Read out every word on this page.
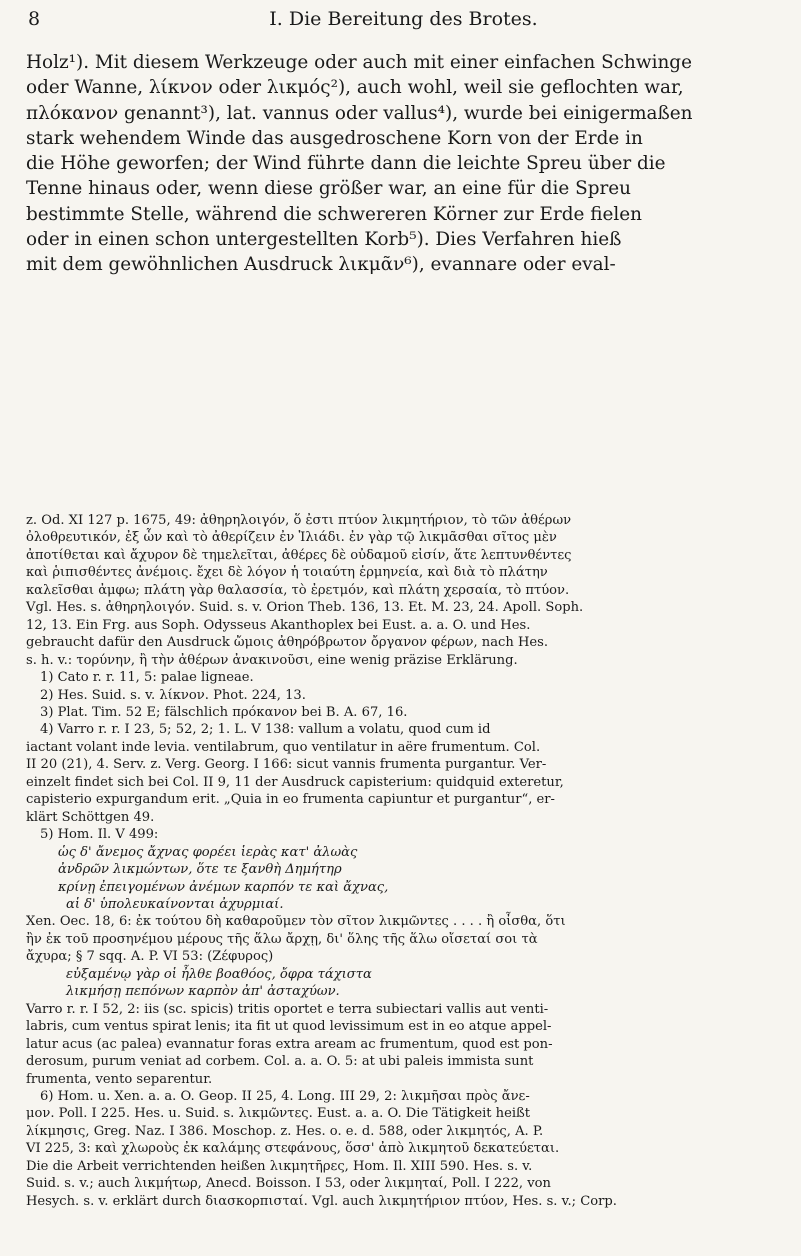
8	I. Die Bereitung des Brotes.

Holz¹). Mit diesem Werkzeuge oder auch mit einer einfachen Schwinge

oder Wanne, λίκνον oder λικμός²), auch wohl, weil sie geflochten war,

πλόκανον genannt³), lat. vannus oder vallus⁴), wurde bei einigermaßen

stark wehendem Winde das ausgedroschene Korn von der Erde in

die Höhe geworfen; der Wind führte dann die leichte Spreu über die

Tenne hinaus oder, wenn diese größer war, an eine für die Spreu

bestimmte Stelle, während die schwereren Körner zur Erde fielen

oder in einen schon untergestellten Korb⁵). Dies Verfahren hieß

mit dem gewöhnlichen Ausdruck λικμᾶν⁶), evannare oder eval-

z. Od. XI 127 p. 1675, 49: ἀθηρηλοιγόν, ὅ ἐστι πτύον λικμητήριον, τὸ τῶν ἀθέρων

ὀλοθρευτικόν, ἐξ ὧν καὶ τὸ ἀθερίζειν ἐν Ἰλιάδι. ἐν γὰρ τῷ λικμᾶσθαι σῖτος μὲν

ἀποτίθεται καὶ ἄχυρον δὲ τημελεῖται, ἀθέρες δὲ οὐδαμοῦ εἰσίν, ἅτε λεπτυνθέντες

καὶ ῥιπισθέντες ἀνέμοις. ἔχει δὲ λόγον ἡ τοιαύτη ἑρμηνεία, καὶ διὰ τὸ πλάτην

καλεῖσθαι ἀμφω; πλάτη γὰρ θαλασσία, τὸ ἐρετμόν, καὶ πλάτη χερσαία, τὸ πτύον.

Vgl. Hes. s. ἀθηρηλοιγόν. Suid. s. v. Orion Theb. 136, 13. Et. M. 23, 24. Apoll. Soph.

12, 13. Ein Frg. aus Soph. Odysseus Akanthoplex bei Eust. a. a. O. und Hes.

gebraucht dafür den Ausdruck ὤμοις ἀθηρόβρωτον ὄργανον φέρων, nach Hes.

s. h. v.: τορύνην, ἢ τὴν ἀθέρων ἀνακινοῦσι, eine wenig präzise Erklärung.

1) Cato r. r. 11, 5: palae ligneae.

2) Hes. Suid. s. v. λίκνον. Phot. 224, 13.

3) Plat. Tim. 52 E; fälschlich πρόκανον bei B. A. 67, 16.

4) Varro r. r. I 23, 5; 52, 2; 1. L. V 138: vallum a volatu, quod cum id

iactant volant inde levia. ventilabrum, quo ventilatur in aëre frumentum. Col.

II 20 (21), 4. Serv. z. Verg. Georg. I 166: sicut vannis frumenta purgantur. Ver-

einzelt findet sich bei Col. II 9, 11 der Ausdruck capisterium: quidquid exteretur,

capisterio expurgandum erit. „Quia in eo frumenta capiuntur et purgantur“, er-

klärt Schöttgen 49.

5) Hom. Il. V 499:

ὡς δ' ἄνεμος ἄχνας φορέει ἱερὰς κατ' ἀλωὰς

ἀνδρῶν λικμώντων, ὅτε τε ξανθὴ Δημήτηρ

κρίνῃ ἐπειγομένων ἀνέμων καρπόν τε καὶ ἄχνας,

αἱ δ' ὑπολευκαίνονται ἀχυρμιαί.

Xen. Oec. 18, 6: ἐκ τούτου δὴ καθαροῦμεν τὸν σῖτον λικμῶντες . . . . ἢ οἶσθα, ὅτι

ἢν ἐκ τοῦ προσηνέμου μέρους τῆς ἅλω ἄρχῃ, δι' ὅλης τῆς ἅλω οἴσεταί σοι τὰ

ἄχυρα; § 7 sqq. A. P. VI 53: (Ζέφυρος)

εὐξαμένῳ γὰρ οἱ ἦλθε βοαθόος, ὄφρα τάχιστα

λικμήσῃ πεπόνων καρπὸν ἀπ' ἀσταχύων.

Varro r. r. I 52, 2: iis (sc. spicis) tritis oportet e terra subiectari vallis aut venti-

labris, cum ventus spirat lenis; ita fit ut quod levissimum est in eo atque appel-

latur acus (ac palea) evannatur foras extra aream ac frumentum, quod est pon-

derosum, purum veniat ad corbem. Col. a. a. O. 5: at ubi paleis immista sunt

frumenta, vento separentur.

6) Hom. u. Xen. a. a. O. Geop. II 25, 4. Long. III 29, 2: λικμῆσαι πρὸς ἄνε-

μον. Poll. I 225. Hes. u. Suid. s. λικμῶντες. Eust. a. a. O. Die Tätigkeit heißt

λίκμησις, Greg. Naz. I 386. Moschop. z. Hes. o. e. d. 588, oder λικμητός, A. P.

VI 225, 3: καὶ χλωροὺς ἐκ καλάμης στεφάνους, ὅσσ' ἀπὸ λικμητοῦ δεκατεύεται.

Die die Arbeit verrichtenden heißen λικμητῆρες, Hom. Il. XIII 590. Hes. s. v.

Suid. s. v.; auch λικμήτωρ, Anecd. Boisson. I 53, oder λικμηταί, Poll. I 222, von

Hesych. s. v. erklärt durch διασκορπισταί. Vgl. auch λικμητήριον πτύον, Hes. s. v.; Corp.
